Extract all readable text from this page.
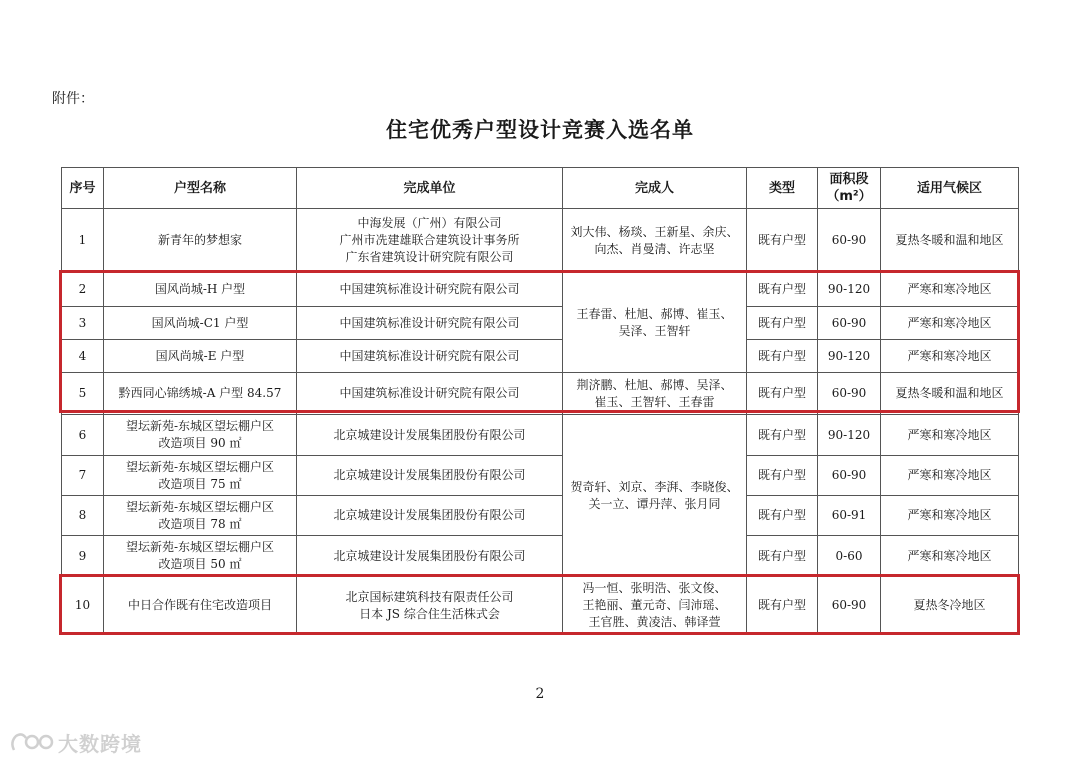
附件：
住宅优秀户型设计竞赛入选名单
序号	户型名称	完成单位	完成人	类型	面积段
（m²）	适用气候区
1	新青年的梦想家	中海发展（广州）有限公司
广州市冼建雄联合建筑设计事务所
广东省建筑设计研究院有限公司	刘大伟、杨琰、王新星、余庆、
向杰、肖曼清、许志坚	既有户型	60-90	夏热冬暖和温和地区
2	国风尚城-H 户型	中国建筑标准设计研究院有限公司	王春雷、杜旭、郝博、崔玉、
吴泽、王智轩	既有户型	90-120	严寒和寒冷地区
3	国风尚城-C1 户型	中国建筑标准设计研究院有限公司		既有户型	60-90	严寒和寒冷地区
4	国风尚城-E 户型	中国建筑标准设计研究院有限公司		既有户型	90-120	严寒和寒冷地区
5	黔西同心锦绣城-A 户型 84.57	中国建筑标准设计研究院有限公司	荆济鹏、杜旭、郝博、吴泽、
崔玉、王智轩、王春雷	既有户型	60-90	夏热冬暖和温和地区
6	望坛新苑-东城区望坛棚户区
改造项目 90 ㎡	北京城建设计发展集团股份有限公司	贺奇轩、刘京、李湃、李晓俊、
关一立、谭丹萍、张月同	既有户型	90-120	严寒和寒冷地区
7	望坛新苑-东城区望坛棚户区
改造项目 75 ㎡	北京城建设计发展集团股份有限公司		既有户型	60-90	严寒和寒冷地区
8	望坛新苑-东城区望坛棚户区
改造项目 78 ㎡	北京城建设计发展集团股份有限公司		既有户型	60-91	严寒和寒冷地区
9	望坛新苑-东城区望坛棚户区
改造项目 50 ㎡	北京城建设计发展集团股份有限公司		既有户型	0-60	严寒和寒冷地区
10	中日合作既有住宅改造项目	北京国标建筑科技有限责任公司
日本 JS 综合住生活株式会	冯一恒、张明浩、张文俊、
王艳丽、董元奇、闫沛瑶、
王官胜、黄凌洁、韩译萱	既有户型	60-90	夏热冬冷地区
2
大数跨境
